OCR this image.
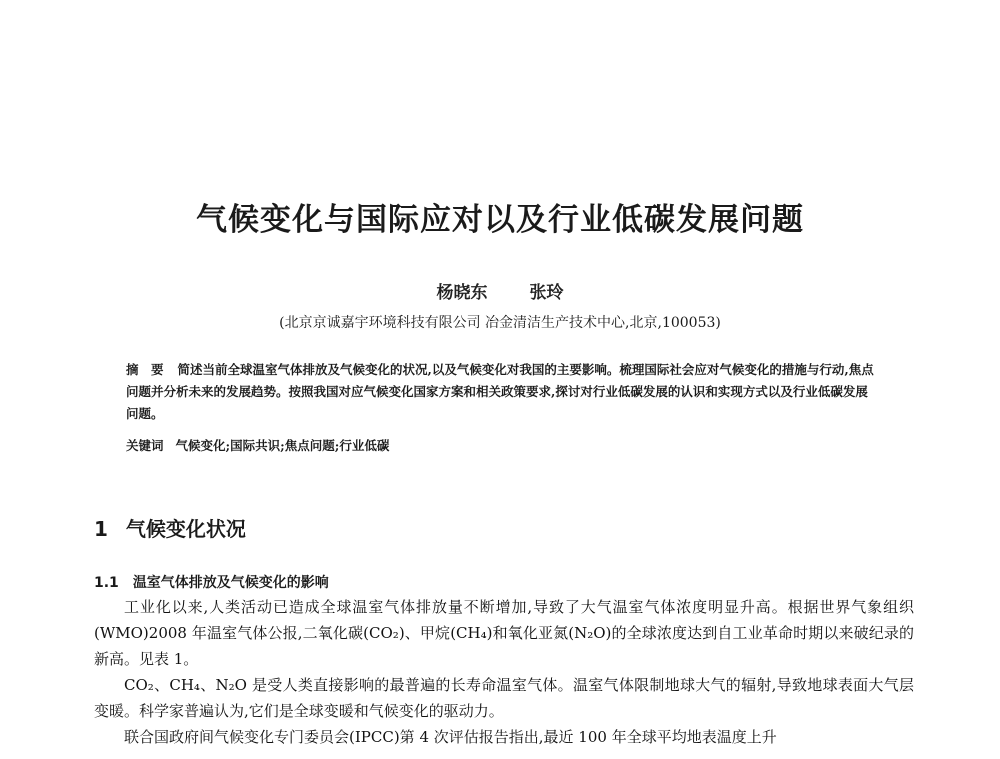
气候变化与国际应对以及行业低碳发展问题
杨晓东 张玲
(北京京诚嘉宇环境科技有限公司 冶金清洁生产技术中心,北京,100053)
摘　要 简述当前全球温室气体排放及气候变化的状况,以及气候变化对我国的主要影响。梳理国际社会应对气候变化的措施与行动,焦点问题并分析未来的发展趋势。按照我国对应气候变化国家方案和相关政策要求,探讨对行业低碳发展的认识和实现方式以及行业低碳发展问题。
关键词 气候变化;国际共识;焦点问题;行业低碳
1 气候变化状况
1.1 温室气体排放及气候变化的影响

工业化以来,人类活动已造成全球温室气体排放量不断增加,导致了大气温室气体浓度明显升高。根据世界气象组织(WMO)2008 年温室气体公报,二氧化碳(CO₂)、甲烷(CH₄)和氧化亚氮(N₂O)的全球浓度达到自工业革命时期以来破纪录的新高。见表 1。

CO₂、CH₄、N₂O 是受人类直接影响的最普遍的长寿命温室气体。温室气体限制地球大气的辐射,导致地球表面大气层变暖。科学家普遍认为,它们是全球变暖和气候变化的驱动力。

联合国政府间气候变化专门委员会(IPCC)第 4 次评估报告指出,最近 100 年全球平均地表温度上升
